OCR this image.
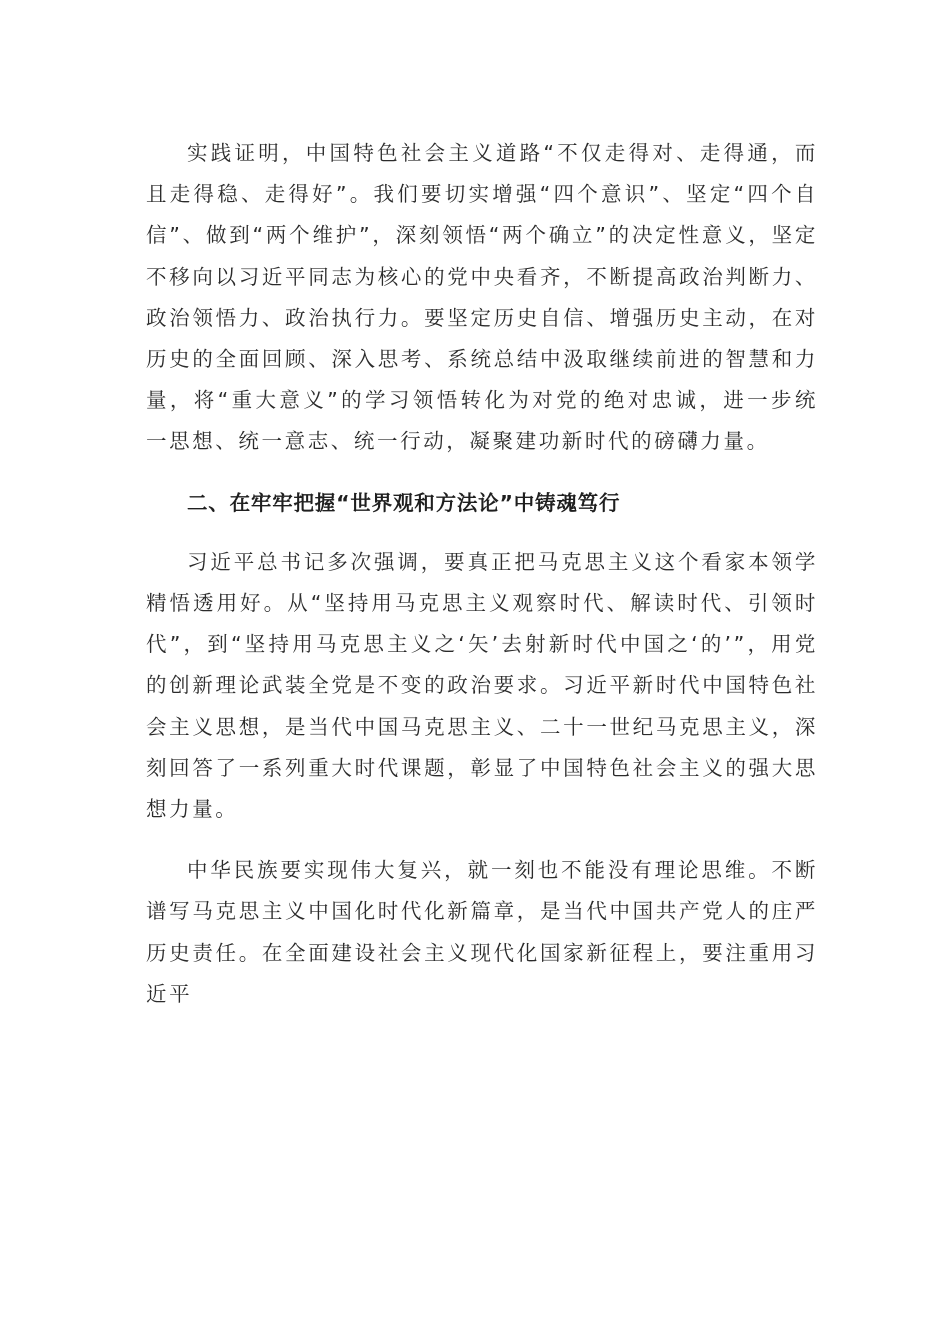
实践证明，中国特色社会主义道路“不仅走得对、走得通，而且走得稳、走得好”。我们要切实增强“四个意识”、坚定“四个自信”、做到“两个维护”，深刻领悟“两个确立”的决定性意义，坚定不移向以习近平同志为核心的党中央看齐，不断提高政治判断力、政治领悟力、政治执行力。要坚定历史自信、增强历史主动，在对历史的全面回顾、深入思考、系统总结中汲取继续前进的智慧和力量，将“重大意义”的学习领悟转化为对党的绝对忠诚，进一步统一思想、统一意志、统一行动，凝聚建功新时代的磅礴力量。

二、在牢牢把握“世界观和方法论”中铸魂笃行

习近平总书记多次强调，要真正把马克思主义这个看家本领学精悟透用好。从“坚持用马克思主义观察时代、解读时代、引领时代”，到“坚持用马克思主义之‘矢’去射新时代中国之‘的’”，用党的创新理论武装全党是不变的政治要求。习近平新时代中国特色社会主义思想，是当代中国马克思主义、二十一世纪马克思主义，深刻回答了一系列重大时代课题，彰显了中国特色社会主义的强大思想力量。

中华民族要实现伟大复兴，就一刻也不能没有理论思维。不断谱写马克思主义中国化时代化新篇章，是当代中国共产党人的庄严历史责任。在全面建设社会主义现代化国家新征程上，要注重用习近平
